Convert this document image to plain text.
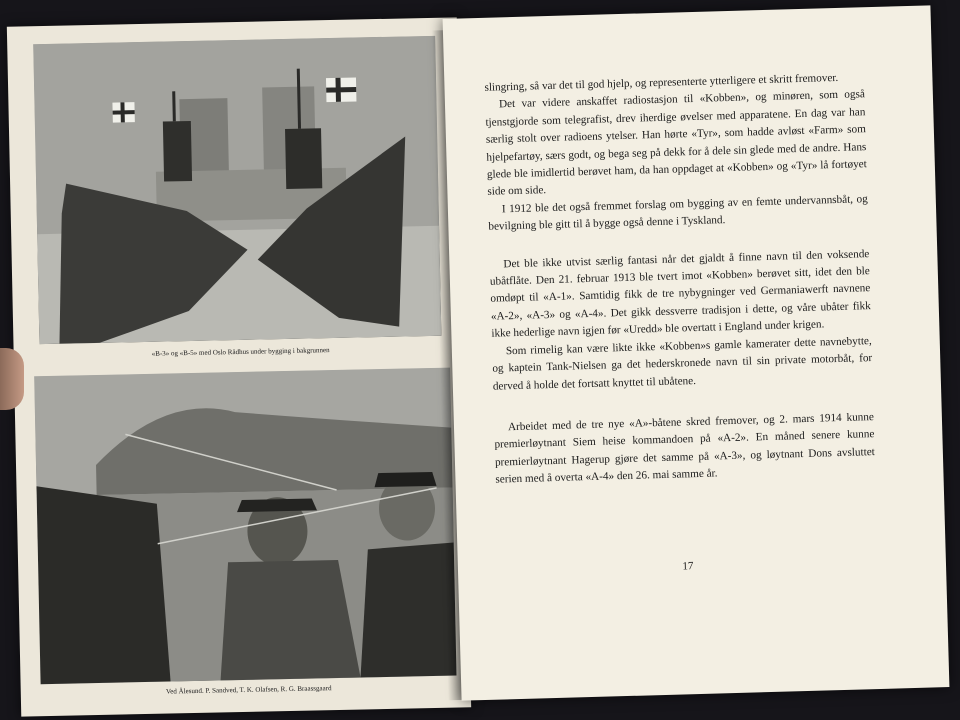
«B-3» og «B-5» med Oslo Rådhus under bygging i bakgrunnen
Ved Ålesund. P. Sandved, T. K. Olafsen, R. G. Braassgaard

slingring, så var det til god hjelp, og representerte ytterligere et skritt fremover.

Det var videre anskaffet radiostasjon til «Kobben», og minøren, som også tjenstgjorde som telegrafist, drev iherdige øvelser med apparatene. En dag var han særlig stolt over radioens ytelser. Han hørte «Tyr», som hadde avløst «Farm» som hjelpefartøy, særs godt, og bega seg på dekk for å dele sin glede med de andre. Hans glede ble imidlertid berøvet ham, da han oppdaget at «Kobben» og «Tyr» lå fortøyet side om side.

I 1912 ble det også fremmet forslag om bygging av en femte undervannsbåt, og bevilgning ble gitt til å bygge også denne i Tyskland.

Det ble ikke utvist særlig fantasi når det gjaldt å finne navn til den voksende ubåtflåte. Den 21. februar 1913 ble tvert imot «Kobben» berøvet sitt, idet den ble omdøpt til «A-1». Samtidig fikk de tre nybygninger ved Germaniawerft navnene «A-2», «A-3» og «A-4». Det gikk dessverre tradisjon i dette, og våre ubåter fikk ikke hederlige navn igjen før «Uredd» ble overtatt i England under krigen.

Som rimelig kan være likte ikke «Kobben»s gamle kamerater dette navnebytte, og kaptein Tank-Nielsen ga det hederskronede navn til sin private motorbåt, for derved å holde det fortsatt knyttet til ubåtene.

Arbeidet med de tre nye «A»-båtene skred fremover, og 2. mars 1914 kunne premierløytnant Siem heise kommandoen på «A-2». En måned senere kunne premierløytnant Hagerup gjøre det samme på «A-3», og løytnant Dons avsluttet serien med å overta «A-4» den 26. mai samme år.

17
